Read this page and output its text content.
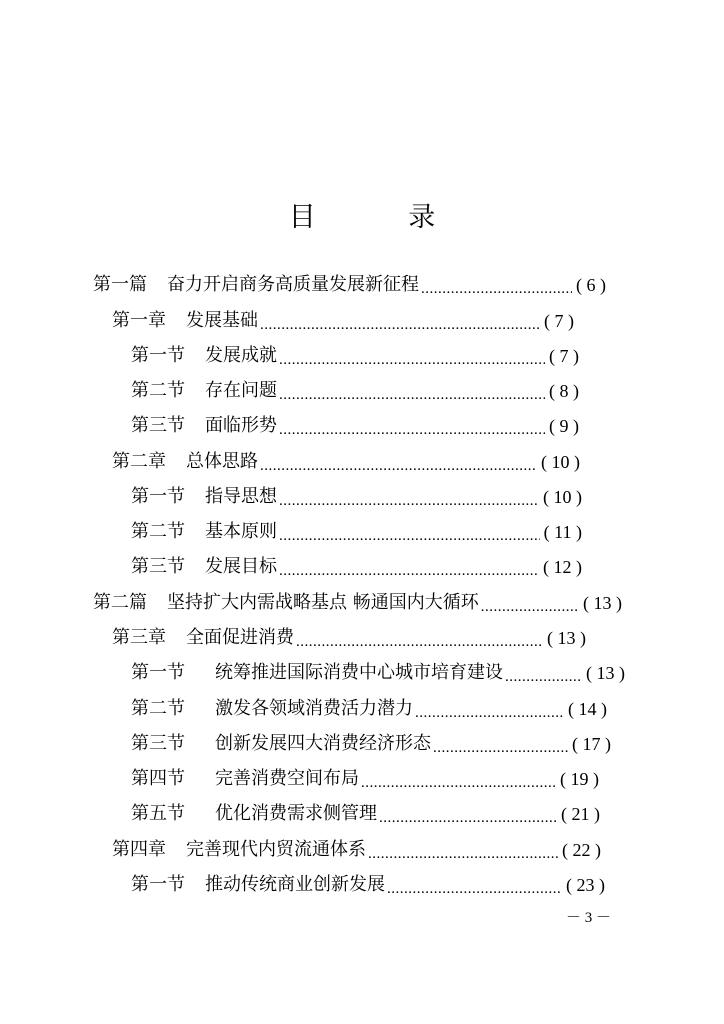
目 录
第一篇 奋力开启商务高质量发展新征程 .....	( 6 )
第一章 发展基础 .....	( 7 )
第一节 发展成就 .....	( 7 )
第二节 存在问题 .....	( 8 )
第三节 面临形势 .....	( 9 )
第二章 总体思路 .....	( 10 )
第一节 指导思想 .....	( 10 )
第二节 基本原则 .....	( 11 )
第三节 发展目标 .....	( 12 )
第二篇 坚持扩大内需战略基点 畅通国内大循环 .....	( 13 )
第三章 全面促进消费 .....	( 13 )
第一节 统筹推进国际消费中心城市培育建设 .....	( 13 )
第二节 激发各领域消费活力潜力 .....	( 14 )
第三节 创新发展四大消费经济形态 .....	( 17 )
第四节 完善消费空间布局 .....	( 19 )
第五节 优化消费需求侧管理 .....	( 21 )
第四章 完善现代内贸流通体系 .....	( 22 )
第一节 推动传统商业创新发展 .....	( 23 )
－ 3 －
